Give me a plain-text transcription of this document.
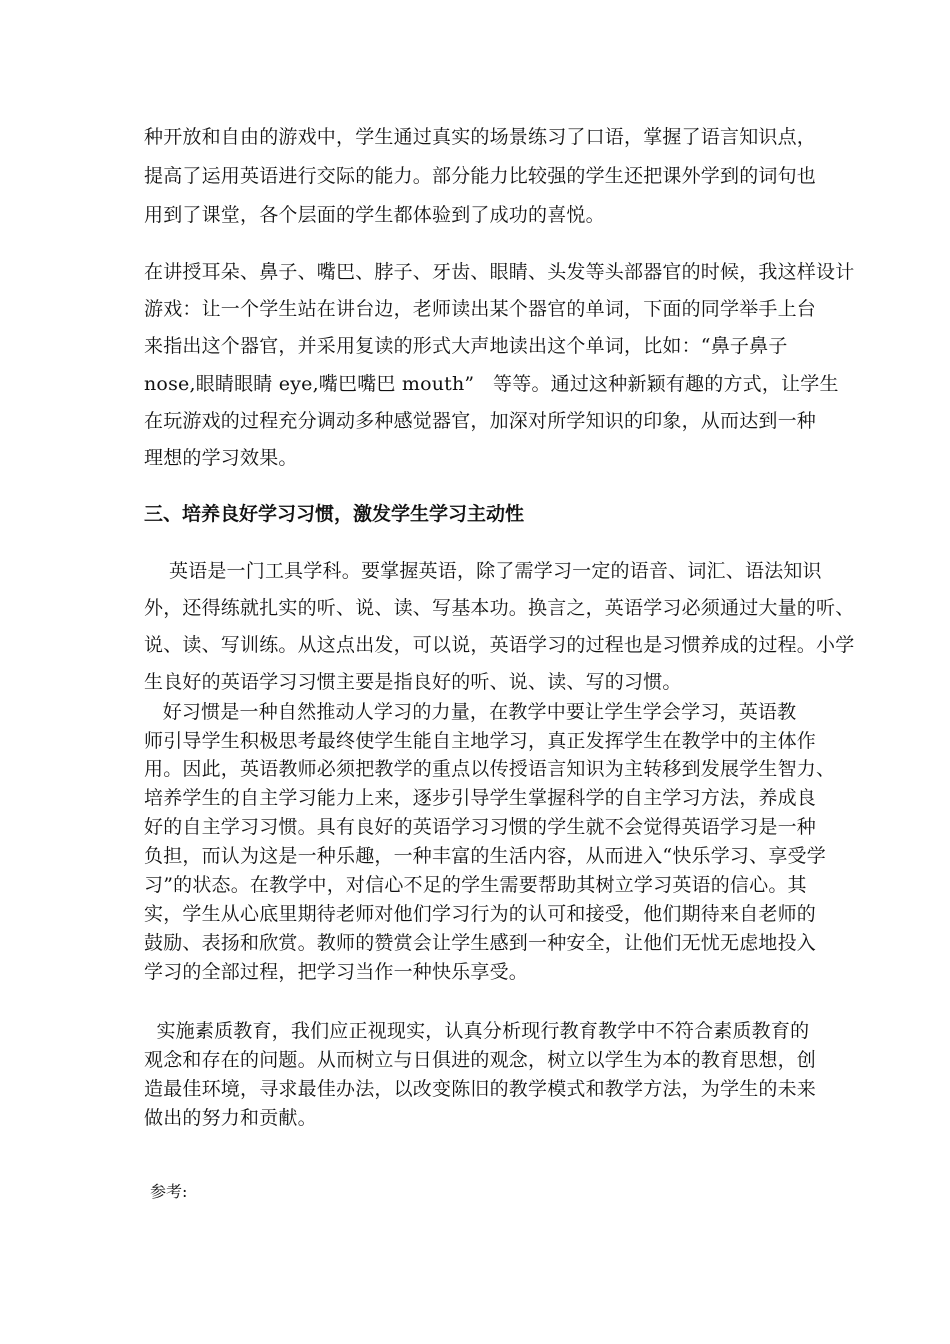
种开放和自由的游戏中，学生通过真实的场景练习了口语，掌握了语言知识点，
提高了运用英语进行交际的能力。部分能力比较强的学生还把课外学到的词句也
用到了课堂，各个层面的学生都体验到了成功的喜悦。
在讲授耳朵、鼻子、嘴巴、脖子、牙齿、眼睛、头发等头部器官的时候，我这样设计
游戏：让一个学生站在讲台边，老师读出某个器官的单词，下面的同学举手上台
来指出这个器官，并采用复读的形式大声地读出这个单词，比如：“鼻子鼻子
nose,眼睛眼睛 eye,嘴巴嘴巴 mouth”   等等。通过这种新颖有趣的方式，让学生
在玩游戏的过程充分调动多种感觉器官，加深对所学知识的印象，从而达到一种
理想的学习效果。
三、培养良好学习习惯，激发学生学习主动性
英语是一门工具学科。要掌握英语，除了需学习一定的语音、词汇、语法知识
外，还得练就扎实的听、说、读、写基本功。换言之，英语学习必须通过大量的听、
说、读、写训练。从这点出发，可以说，英语学习的过程也是习惯养成的过程。小学
生良好的英语学习习惯主要是指良好的听、说、读、写的习惯。
好习惯是一种自然推动人学习的力量，在教学中要让学生学会学习，英语教
师引导学生积极思考最终使学生能自主地学习，真正发挥学生在教学中的主体作
用。因此，英语教师必须把教学的重点以传授语言知识为主转移到发展学生智力、
培养学生的自主学习能力上来，逐步引导学生掌握科学的自主学习方法，养成良
好的自主学习习惯。具有良好的英语学习习惯的学生就不会觉得英语学习是一种
负担，而认为这是一种乐趣，一种丰富的生活内容，从而进入“快乐学习、享受学
习”的状态。在教学中，对信心不足的学生需要帮助其树立学习英语的信心。其
实，学生从心底里期待老师对他们学习行为的认可和接受，他们期待来自老师的
鼓励、表扬和欣赏。教师的赞赏会让学生感到一种安全，让他们无忧无虑地投入
学习的全部过程，把学习当作一种快乐享受。
实施素质教育，我们应正视现实，认真分析现行教育教学中不符合素质教育的
观念和存在的问题。从而树立与日俱进的观念，树立以学生为本的教育思想，创
造最佳环境，寻求最佳办法，以改变陈旧的教学模式和教学方法，为学生的未来
做出的努力和贡献。
参考:
